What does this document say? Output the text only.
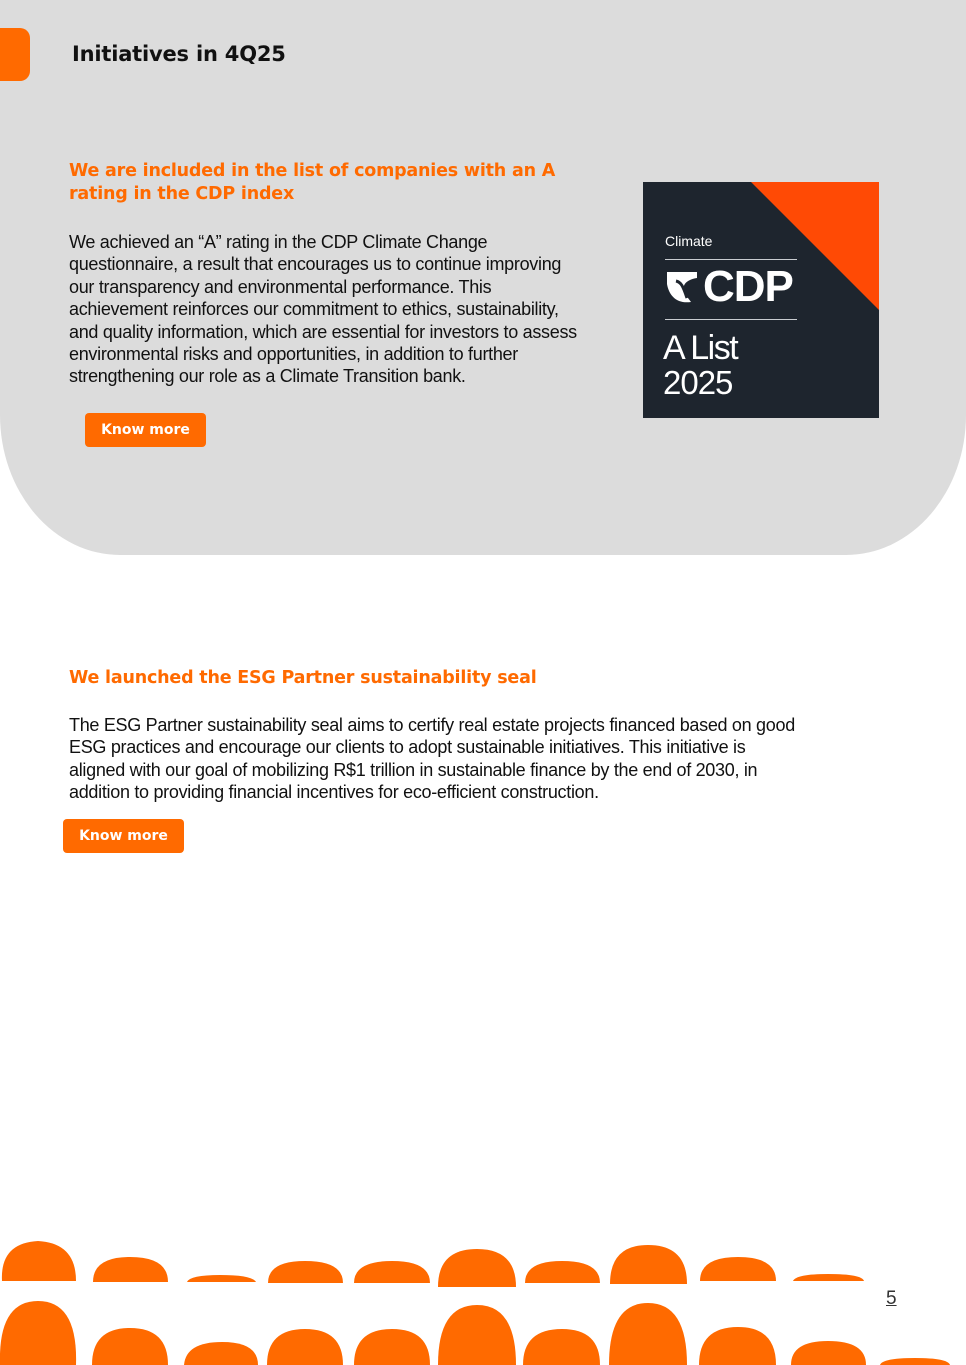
Initiatives in 4Q25
We are included in the list of companies with an A
rating in the CDP index

We achieved an “A” rating in the CDP Climate Change
questionnaire, a result that encourages us to continue improving
our transparency and environmental performance. This
achievement reinforces our commitment to ethics, sustainability,
and quality information, which are essential for investors to assess
environmental risks and opportunities, in addition to further
strengthening our role as a Climate Transition bank.

Know more
Climate
CDP
A List
2025
We launched the ESG Partner sustainability seal

The ESG Partner sustainability seal aims to certify real estate projects financed based on good
ESG practices and encourage our clients to adopt sustainable initiatives. This initiative is
aligned with our goal of mobilizing R$1 trillion in sustainable finance by the end of 2030, in
addition to providing financial incentives for eco-efficient construction.

Know more
5
